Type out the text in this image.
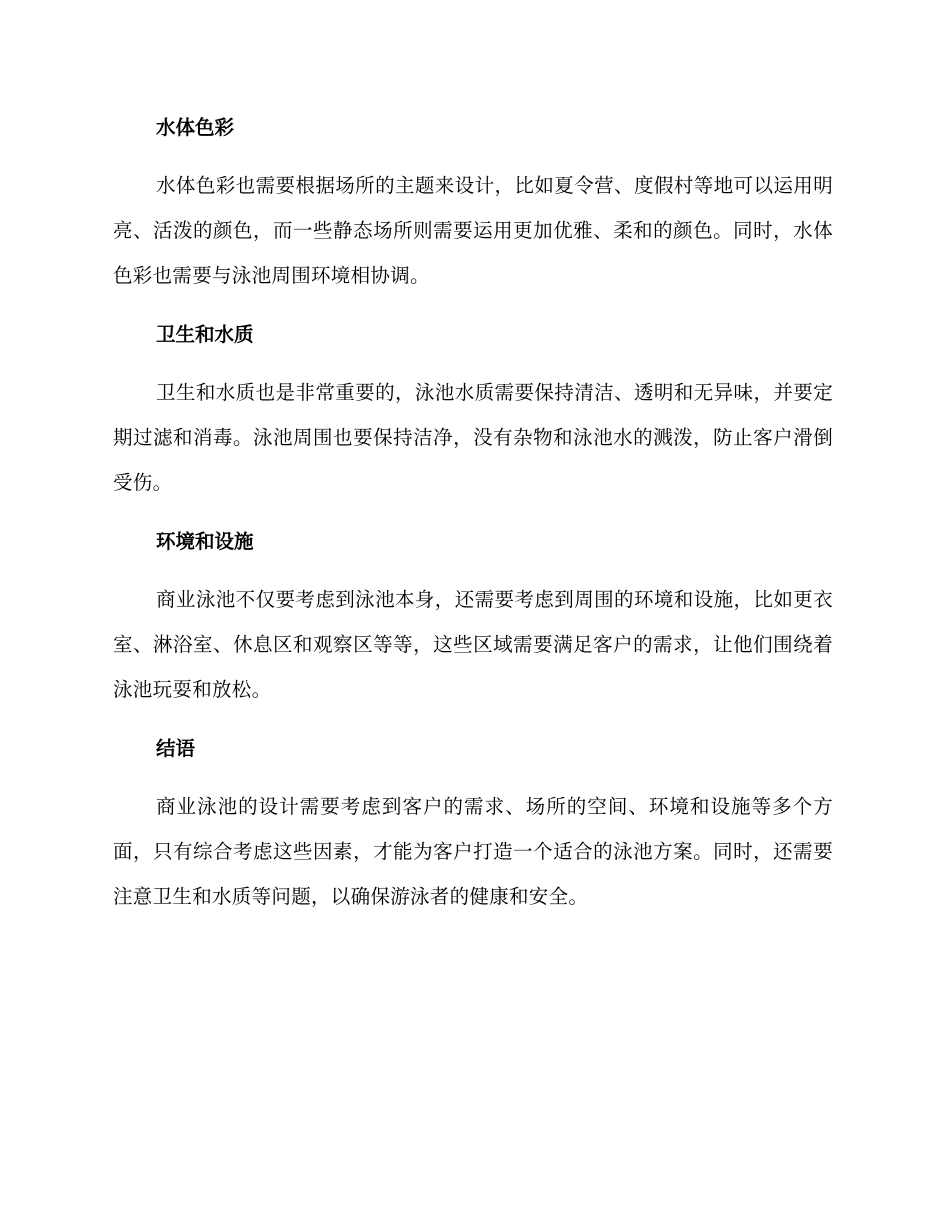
水体色彩

水体色彩也需要根据场所的主题来设计，比如夏令营、度假村等地可以运用明亮、活泼的颜色，而一些静态场所则需要运用更加优雅、柔和的颜色。同时，水体色彩也需要与泳池周围环境相协调。

卫生和水质

卫生和水质也是非常重要的，泳池水质需要保持清洁、透明和无异味，并要定期过滤和消毒。泳池周围也要保持洁净，没有杂物和泳池水的溅泼，防止客户滑倒受伤。

环境和设施

商业泳池不仅要考虑到泳池本身，还需要考虑到周围的环境和设施，比如更衣室、淋浴室、休息区和观察区等等，这些区域需要满足客户的需求，让他们围绕着泳池玩耍和放松。

结语

商业泳池的设计需要考虑到客户的需求、场所的空间、环境和设施等多个方面，只有综合考虑这些因素，才能为客户打造一个适合的泳池方案。同时，还需要注意卫生和水质等问题，以确保游泳者的健康和安全。
